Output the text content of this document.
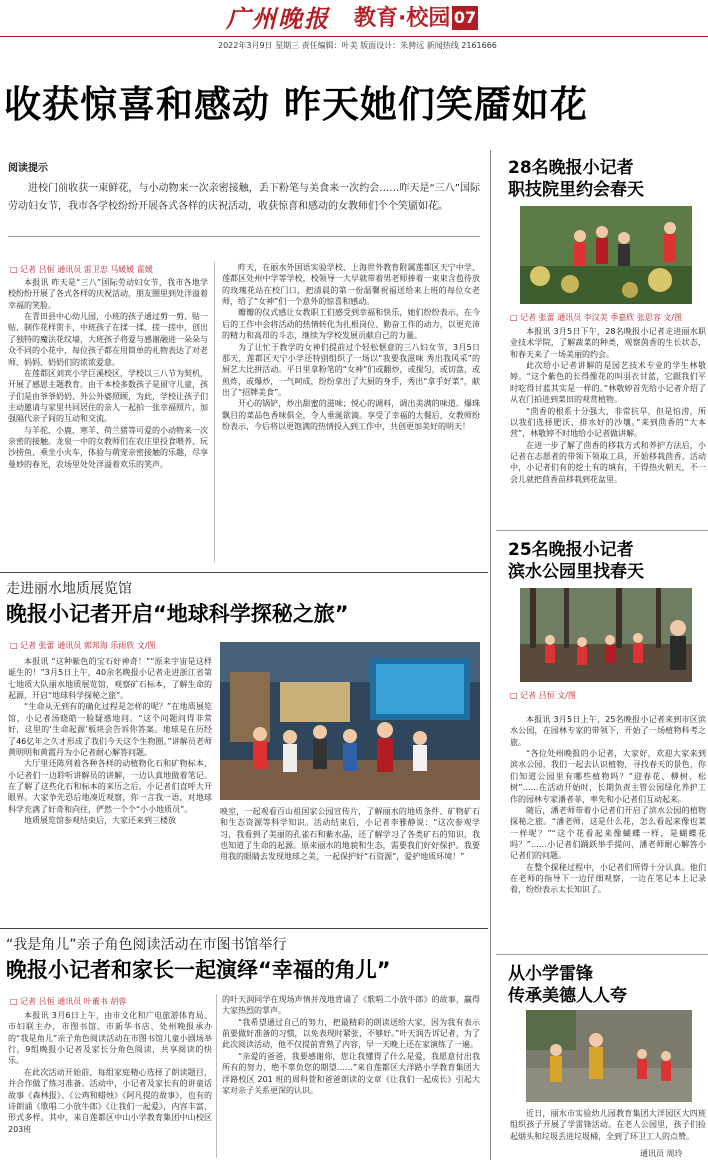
广州晚报 教育·校园 07
2022年3月9日 星期三 责任编辑：叶美 版面设计：朱骋远 新闻热线 2161666
收获惊喜和感动 昨天她们笑靥如花
阅读提示
进校门前收获一束鲜花，与小动物来一次亲密接触，丢下粉笔与美食来一次约会……昨天是“三八”国际劳动妇女节，我市各学校纷纷开展各式各样的庆祝活动，收获惊喜和感动的女教师们个个笑靥如花。
□ 记者 吕恒 通讯员 雷卫忠 马媛媛 霍媛

本报讯 昨天是“三八”国际劳动妇女节，我市各地学校纷纷开展了各式各样的庆祝活动，朋友圈里到处洋溢着幸福的笑脸。

在青田县中心幼儿园，小班的孩子通过剪一剪、贴一贴，制作花样贺卡，中班孩子在揉一揉、搓一搓中，创出了独特的魔法花纹墙，大班孩子将爱与感谢融进一朵朵与众不同的小花中，每位孩子都在用简单的礼物表达了对老师、妈妈、奶奶们的浓浓爱意。

在莲都区刘宾小学巨溪校区，学校以三八节为契机，开展了感恩主题教育。由于本校多数孩子是留守儿童，孩子们是由爷爷奶奶、外公外婆照顾，为此，学校让孩子们主动邀请与家里共同居住的亲人一起拍一张幸福照片，加强隔代亲子间的互动和交流。

与羊驼、小鹿、寒羊、荷兰猪等可爱的小动物来一次亲密的接触。龙泉一中的女教师们在农庄里投食喂养、玩沙捞鱼、乘坐小火车，体验与萌宠亲密接触的乐趣，尽享曼妙的春光，农场里处处洋溢着欢乐的笑声。

昨天，在丽水外国语实验学校、上海世外教育附属莲都区天宁中学、莲都区处州中学等学校，校领导一大早就带着男老师捧着一束束含苞待放的玫瑰花站在校门口，把清晨的第一份温馨祝福送给来上班的每位女老师，给了“女神”们一个意外的惊喜和感动。

瓣瓣的仪式感让女教职工们感受到幸福和快乐，她们纷纷表示，在今后的工作中会将活动的热情转化为扎根岗位、勤奋工作的动力，以更充沛的精力和高昂的斗志，继续为学校发展贡献自己的力量。

为了让忙于教学的女神们提前过个轻松惬意的三八妇女节，3月5日那天，莲都区天宁小学还特别组织了一场以“我要我滋味 秀出我风采”的厨艺大比拼活动。平日里拿粉笔的“女神”们或翻炒，或搅匀，或切盘，或煎炸，或爆炒，一气呵成，纷纷拿出了大厨的身手，秀出“拿手好菜”，献出了“招牌美食”。

开心的锅铲，炒出甜蜜的滋味；悦心的调料，调出美满的味道。爆珠飘目的菜品色香味俱全，令人垂涎欲滴。享受了幸福的大餐后，女教师纷纷表示，今后将以更饱满的热情投入到工作中，共创更加美好的明天！

走进丽水地质展览馆
晚报小记者开启“地球科学探秘之旅”
□ 记者 张蕾 通讯员 郭邦海 乐雨欣 文/图

本报讯 “这种紫色的宝石好神奇！”“原来宇宙是这样诞生的！”3月5日上午，40余名晚报小记者走进浙江省第七地质大队丽水地质展览馆，观察矿石标本，了解生命的起源，开启“地球科学探秘之旅”。

“生命从无到有的确化过程是怎样的呢？”在地质展览馆，小记者汤晓皓一脸疑惑地问。“这个问题问得非常好，这里的‘生命起源’板块会告诉你答案。地球是在历经了46亿年之久才形成了我们今天这个生物圈。”讲解员老师黄明明和黄霞丹为小记者耐心解答问题。

大厅里还陈列着各种各样的动植物化石和矿物标本，小记者们一边聆听讲解员的讲解，一边认真地做着笔记。在了解了这些化石和标本的来历之后，小记者们直呼大开眼界。大家争先恐后地凑近观察，你一言我一语，对地球科学充满了好奇和向往，俨然一个个“小小地质员”。

地质展览馆参观结束后，大家还来到三楼放

映室，一起观看百山祖国家公园宣传片，了解丽水的地质条件、矿物矿石和生态资源等科学知识。活动结束后，小记者李雅静说：“这次参观学习，我看到了美丽的孔雀石和紫水晶，还了解学习了各类矿石的知识，我也知道了生命的起源。原来丽水的地貌和生态，需要我们好好保护。我要用我的眼睛去发现地球之美，一起保护好“石资源”，爱护地质环境！”

“我是角儿”亲子角色阅读活动在市图书馆举行
晚报小记者和家长一起演绎“幸福的角儿”
□ 记者 吕恒 通讯员 叶董书 胡蓉

本报讯 3月6日上午，由市文化和广电旅游体育局、市妇联主办，市图书馆、市新华书店、处州晚报承办的“我是角儿”亲子角色阅读活动在市图书馆儿童小剧场举行，9组晚报小记者及家长分角色阅读，共享阅读的快乐。

在此次活动开始前，每组家庭精心选择了朗读题目，并合作做了练习准备。活动中，小记者及家长有的讲童话故事《森林报》、《公鸡和蜡烛》《阿凡提的故事》，也有的诗朗诵《歌唱二小放牛郎》《让我们一起爱》，内容丰富，形式多样。其中，来自莲都区中山小学教育集团中山校区203班

的叶天润同学在现场声情并茂地背诵了《歌唱二小放牛郎》的故事，赢得大家热烈的掌声。

“我希望通过自己的努力，把最精彩的朗读送给大家，因为我有表示前要做好准备的习惯，以免表现时紧张，不够好。”叶天润告诉记者，为了此次阅读活动，他不仅提前背熟了内容，早一天晚上还在家演练了一遍。

“亲爱的爸爸，我要感谢你，您让我懂得了什么是爱，我愿意付出我所有的努力，绝不辜负您的期望……”来自莲都区大洋路小学教育集团大洋路校区 201 班的周科萱和爸爸朗读的文章《让我们一起成长》引起大家对亲子关系更深的认识。

28名晚报小记者
职技院里约会春天
□ 记者 张蕾 通讯员 李汉美 季嘉欣 张思容 文/图

本报讯 3月5日下午，28名晚报小记者走进丽水职业技术学院，了解蔬菜的种类，观察茵香的生长状态，和春天来了一场美丽的约会。

此次给小记者讲解的是园艺技术专业的学生林敬婷。“这个紫色的长得像花的叫羽衣甘蓝，它跟我们平时吃得甘蓝其实是一样的。”林敬婷首先给小记者介绍了从农门拍进到菜田的观赏植物。

“茴香的根系十分强大，非常抗旱，但是怕涝，所以我们选择肥沃、排水好的沙壤。”来到茴香的“大本营”，林敬婷不时地给小记者做讲解。

在进一步了解了茴香的移栽方式和养护方法后，小记者在志愿者的带领下领取工具，开始移栽茴香。活动中，小记者们有的挖土有的填有，干得热火朝天，不一会儿就把茴香苗移栽到花盆里。

25名晚报小记者
滨水公园里找春天
□ 记者 吕恒 文/图

本报讯 3月5日上午，25名晚报小记者来到市区滨水公园，在园林专家的带领下，开始了一场植物科考之旅。

“各位处州晚报的小记者，大家好，欢迎大家来到滨水公园，我们一起去认识植物，寻找春天的景色，你们知道公园里有哪些植物吗？”迎春花、柳树、松树”……在活动开始时，长期负责主管公园绿化养护工作的园林专家潘者菲，率先和小记者们互动起来。

随后，潘老师带着小记者们开启了滨水公园的植物探秘之旅。“潘老师，这是什么花，怎么看起来像也菜一样呢？”“这个花看起来像蝴蝶一样，是蝴蝶花吗？”……小记者们踊跃举手提问，潘老师耐心解答小记者们的问题。

在整个探秘过程中，小记者们所得十分认真。他们在老师的指导下一边仔细观察，一边在笔记本上记录着，纷纷表示太长知识了。

从小学雷锋
传承美德人人夸

近日，丽水市实验幼儿园教育集团大洋园区大四班组织孩子开展了学雷锋活动。在老人公园里，孩子们捡起烟头和垃圾丢进垃圾桶，全到了环卫工人的点赞。

通讯员 周玲
